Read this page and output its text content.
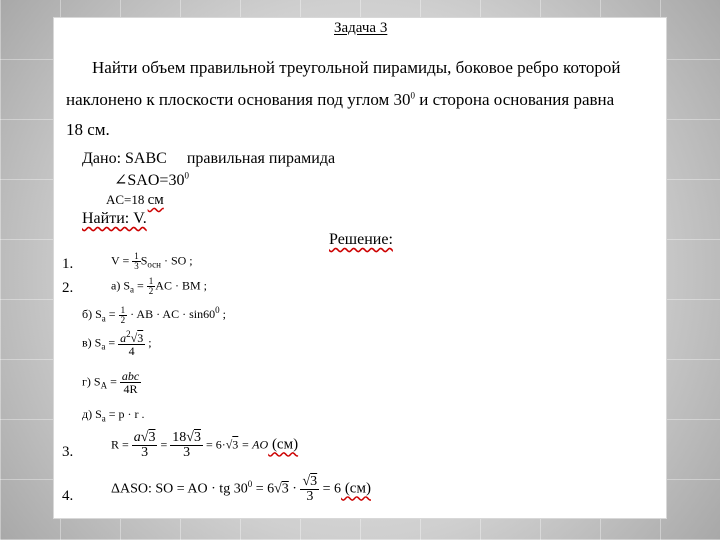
Задача 3
Найти объем правильной треугольной пирамиды, боковое ребро которой
наклонено к плоскости основания под углом $30^0$ и сторона основания равна
18 см.
Дано: SABC правильная пирамида
$\angle SAO=30^0$
AC=18 см
Найти: V.
Решение:
1.	$V = \frac{1}{3} S_{осн}$ · SO ;
2.	а) $S_a = \frac{1}{2}$ AC · BM ;
б) $S_a = \frac{1}{2}$ · AB · AC · $\sin 60^0$ ;
в) $S_a = \frac{a^2√3}{4}$ ;
г) $S_A = \frac{\text{abc}}{4R}$
д) $S_a = p \cdot r$ .
3.	$R = \frac{a√3}{3} = \frac{18√3}{3} = 6\cdot√3$ = AO (см)
4.	ΔASO: SO = AO · tg $30^0 = 6√3 \cdot \frac{√3}{3} = 6$ (см)
